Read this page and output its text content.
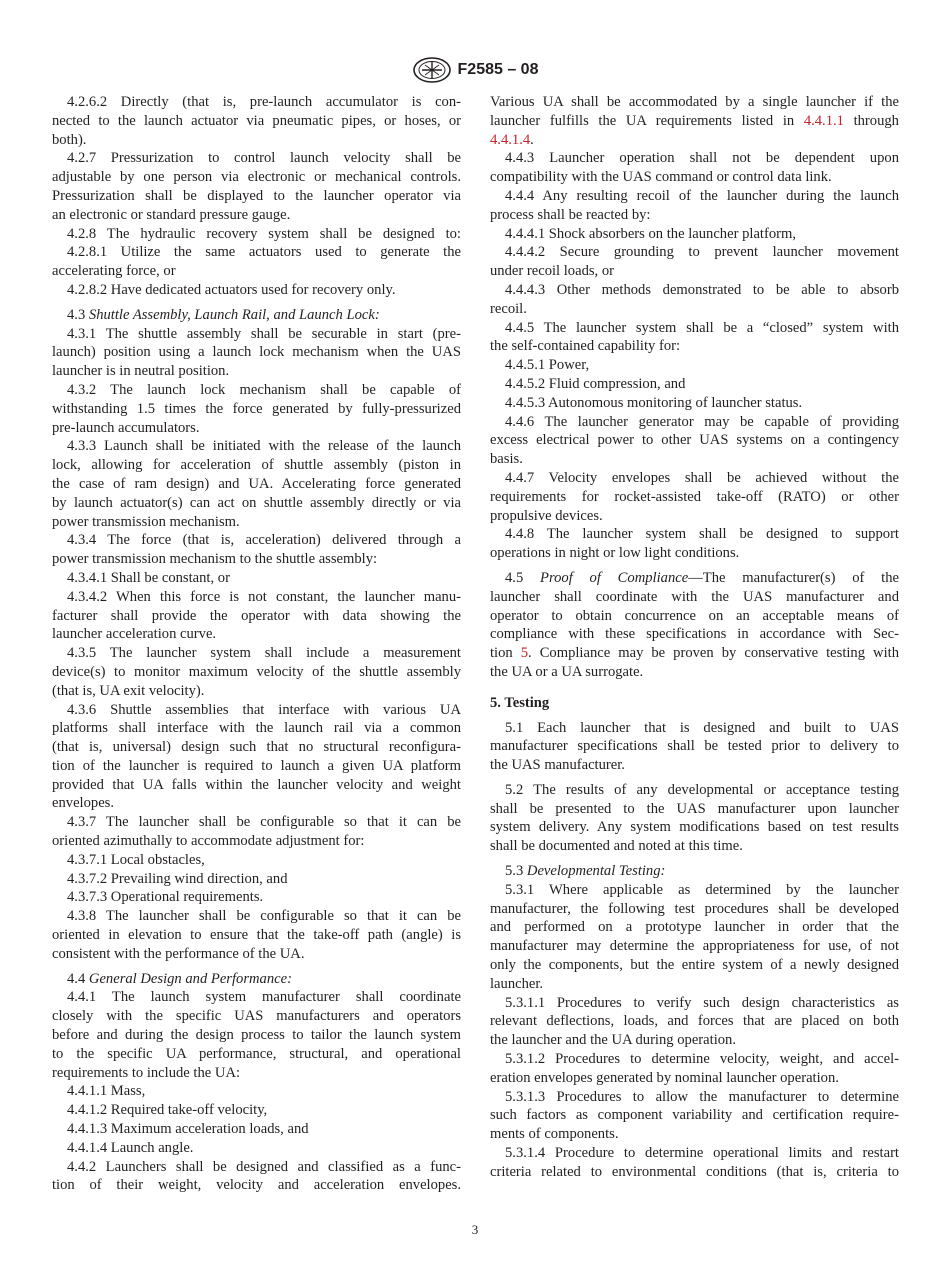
F2585 – 08
4.2.6.2 Directly (that is, pre-launch accumulator is con-
nected to the launch actuator via pneumatic pipes, or hoses, or
both).
4.2.7 Pressurization to control launch velocity shall be
adjustable by one person via electronic or mechanical controls.
Pressurization shall be displayed to the launcher operator via
an electronic or standard pressure gauge.
4.2.8 The hydraulic recovery system shall be designed to:
4.2.8.1 Utilize the same actuators used to generate the
accelerating force, or
4.2.8.2 Have dedicated actuators used for recovery only.
4.3 Shuttle Assembly, Launch Rail, and Launch Lock:
4.3.1 The shuttle assembly shall be securable in start (pre-
launch) position using a launch lock mechanism when the UAS
launcher is in neutral position.
4.3.2 The launch lock mechanism shall be capable of
withstanding 1.5 times the force generated by fully-pressurized
pre-launch accumulators.
4.3.3 Launch shall be initiated with the release of the launch
lock, allowing for acceleration of shuttle assembly (piston in
the case of ram design) and UA. Accelerating force generated
by launch actuator(s) can act on shuttle assembly directly or via
power transmission mechanism.
4.3.4 The force (that is, acceleration) delivered through a
power transmission mechanism to the shuttle assembly:
4.3.4.1 Shall be constant, or
4.3.4.2 When this force is not constant, the launcher manu-
facturer shall provide the operator with data showing the
launcher acceleration curve.
4.3.5 The launcher system shall include a measurement
device(s) to monitor maximum velocity of the shuttle assembly
(that is, UA exit velocity).
4.3.6 Shuttle assemblies that interface with various UA
platforms shall interface with the launch rail via a common
(that is, universal) design such that no structural reconfigura-
tion of the launcher is required to launch a given UA platform
provided that UA falls within the launcher velocity and weight
envelopes.
4.3.7 The launcher shall be configurable so that it can be
oriented azimuthally to accommodate adjustment for:
4.3.7.1 Local obstacles,
4.3.7.2 Prevailing wind direction, and
4.3.7.3 Operational requirements.
4.3.8 The launcher shall be configurable so that it can be
oriented in elevation to ensure that the take-off path (angle) is
consistent with the performance of the UA.
4.4 General Design and Performance:
4.4.1 The launch system manufacturer shall coordinate
closely with the specific UAS manufacturers and operators
before and during the design process to tailor the launch system
to the specific UA performance, structural, and operational
requirements to include the UA:
4.4.1.1 Mass,
4.4.1.2 Required take-off velocity,
4.4.1.3 Maximum acceleration loads, and
4.4.1.4 Launch angle.
4.4.2 Launchers shall be designed and classified as a func-
tion of their weight, velocity and acceleration envelopes.
Various UA shall be accommodated by a single launcher if the
launcher fulfills the UA requirements listed in 4.4.1.1 through
4.4.1.4.
4.4.3 Launcher operation shall not be dependent upon
compatibility with the UAS command or control data link.
4.4.4 Any resulting recoil of the launcher during the launch
process shall be reacted by:
4.4.4.1 Shock absorbers on the launcher platform,
4.4.4.2 Secure grounding to prevent launcher movement
under recoil loads, or
4.4.4.3 Other methods demonstrated to be able to absorb
recoil.
4.4.5 The launcher system shall be a “closed” system with
the self-contained capability for:
4.4.5.1 Power,
4.4.5.2 Fluid compression, and
4.4.5.3 Autonomous monitoring of launcher status.
4.4.6 The launcher generator may be capable of providing
excess electrical power to other UAS systems on a contingency
basis.
4.4.7 Velocity envelopes shall be achieved without the
requirements for rocket-assisted take-off (RATO) or other
propulsive devices.
4.4.8 The launcher system shall be designed to support
operations in night or low light conditions.
4.5 Proof of Compliance—The manufacturer(s) of the
launcher shall coordinate with the UAS manufacturer and
operator to obtain concurrence on an acceptable means of
compliance with these specifications in accordance with Sec-
tion 5. Compliance may be proven by conservative testing with
the UA or a UA surrogate.
5. Testing
5.1 Each launcher that is designed and built to UAS
manufacturer specifications shall be tested prior to delivery to
the UAS manufacturer.
5.2 The results of any developmental or acceptance testing
shall be presented to the UAS manufacturer upon launcher
system delivery. Any system modifications based on test results
shall be documented and noted at this time.
5.3 Developmental Testing:
5.3.1 Where applicable as determined by the launcher
manufacturer, the following test procedures shall be developed
and performed on a prototype launcher in order that the
manufacturer may determine the appropriateness for use, of not
only the components, but the entire system of a newly designed
launcher.
5.3.1.1 Procedures to verify such design characteristics as
relevant deflections, loads, and forces that are placed on both
the launcher and the UA during operation.
5.3.1.2 Procedures to determine velocity, weight, and accel-
eration envelopes generated by nominal launcher operation.
5.3.1.3 Procedures to allow the manufacturer to determine
such factors as component variability and certification require-
ments of components.
5.3.1.4 Procedure to determine operational limits and restart
criteria related to environmental conditions (that is, criteria to
3
